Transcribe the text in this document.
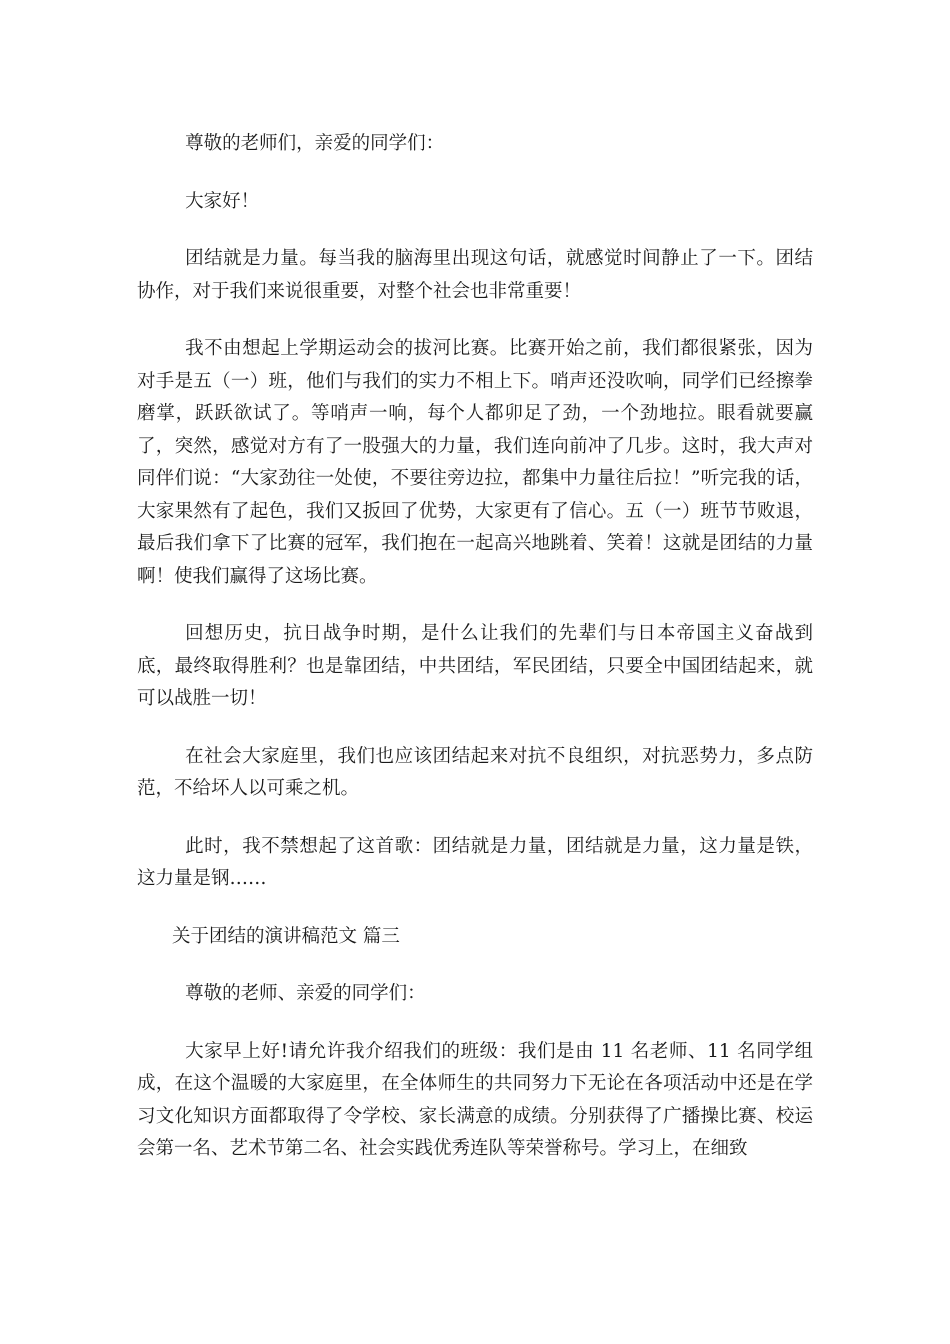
尊敬的老师们，亲爱的同学们：

大家好！

团结就是力量。每当我的脑海里出现这句话，就感觉时间静止了一下。团结协作，对于我们来说很重要，对整个社会也非常重要！

我不由想起上学期运动会的拔河比赛。比赛开始之前，我们都很紧张，因为对手是五（一）班，他们与我们的实力不相上下。哨声还没吹响，同学们已经擦拳磨掌，跃跃欲试了。等哨声一响，每个人都卯足了劲，一个劲地拉。眼看就要赢了，突然，感觉对方有了一股强大的力量，我们连向前冲了几步。这时，我大声对同伴们说：“大家劲往一处使，不要往旁边拉，都集中力量往后拉！”听完我的话，大家果然有了起色，我们又扳回了优势，大家更有了信心。五（一）班节节败退，最后我们拿下了比赛的冠军，我们抱在一起高兴地跳着、笑着！这就是团结的力量啊！使我们赢得了这场比赛。

回想历史，抗日战争时期，是什么让我们的先辈们与日本帝国主义奋战到底，最终取得胜利？也是靠团结，中共团结，军民团结，只要全中国团结起来，就可以战胜一切！

在社会大家庭里，我们也应该团结起来对抗不良组织，对抗恶势力，多点防范，不给坏人以可乘之机。

此时，我不禁想起了这首歌：团结就是力量，团结就是力量，这力量是铁，这力量是钢……

关于团结的演讲稿范文 篇三

尊敬的老师、亲爱的同学们：

大家早上好!请允许我介绍我们的班级：我们是由 11 名老师、11 名同学组成，在这个温暖的大家庭里，在全体师生的共同努力下无论在各项活动中还是在学习文化知识方面都取得了令学校、家长满意的成绩。分别获得了广播操比赛、校运会第一名、艺术节第二名、社会实践优秀连队等荣誉称号。学习上，在细致
